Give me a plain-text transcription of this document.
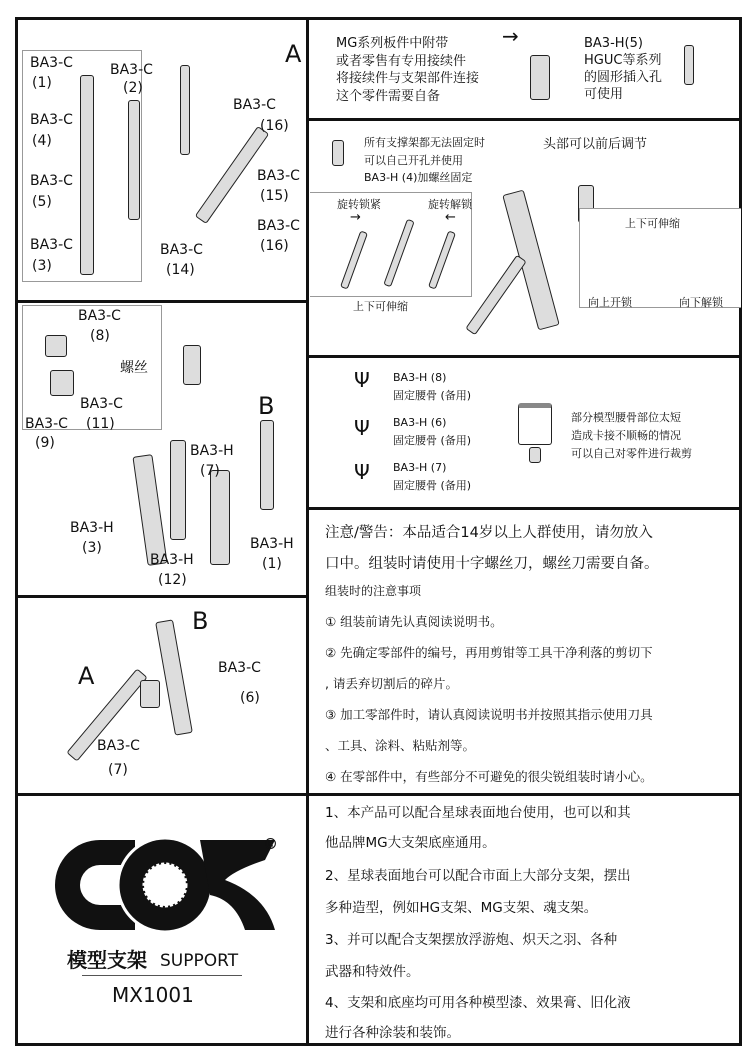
A
BA3-C
(1)
BA3-C
(2)
BA3-C
(4)
BA3-C
(5)
BA3-C
(3)
BA3-C
(16)
BA3-C
(15)
BA3-C
(16)
BA3-C
(14)
B
螺丝
BA3-C
(8)
BA3-C
(11)
BA3-C
(9)	BA3-H
(7)
BA3-H
(3)
BA3-H
(12)
BA3-H
(1)
A
B
BA3-C
(6)
BA3-C
(7)
®
模型支架 SUPPORT
MX1001
MG系列板件中附带
或者零售有专用接续件
将接续件与支架部件连接
这个零件需要自备
→	BA3-H(5)
HGUC等系列
的圆形插入孔
可使用
所有支撑架都无法固定时
可以自己开孔并使用
BA3-H (4)加螺丝固定
头部可以前后调节
旋转锁紧	旋转解锁
→	←
上下可伸缩
上下可伸缩
向上开锁	向下解锁
Ψ
Ψ
Ψ
BA3-H (8)
固定腰骨 (备用)
BA3-H (6)
固定腰骨 (备用)
BA3-H (7)
固定腰骨 (备用)
部分模型腰骨部位太短
造成卡接不顺畅的情况
可以自己对零件进行裁剪
注意/警告：本品适合14岁以上人群使用，请勿放入
口中。组装时请使用十字螺丝刀，螺丝刀需要自备。
组装时的注意事项
① 组装前请先认真阅读说明书。
② 先确定零部件的编号，再用剪钳等工具干净利落的剪切下
, 请丢弃切割后的碎片。
③ 加工零部件时，请认真阅读说明书并按照其指示使用刀具
、工具、涂料、粘贴剂等。
④ 在零部件中，有些部分不可避免的很尖锐组装时请小心。
1、本产品可以配合星球表面地台使用，也可以和其
他品牌MG大支架底座通用。
2、星球表面地台可以配合市面上大部分支架，摆出
多种造型，例如HG支架、MG支架、魂支架。
3、并可以配合支架摆放浮游炮、炽天之羽、各种
武器和特效件。
4、支架和底座均可用各种模型漆、效果膏、旧化液
进行各种涂装和装饰。
